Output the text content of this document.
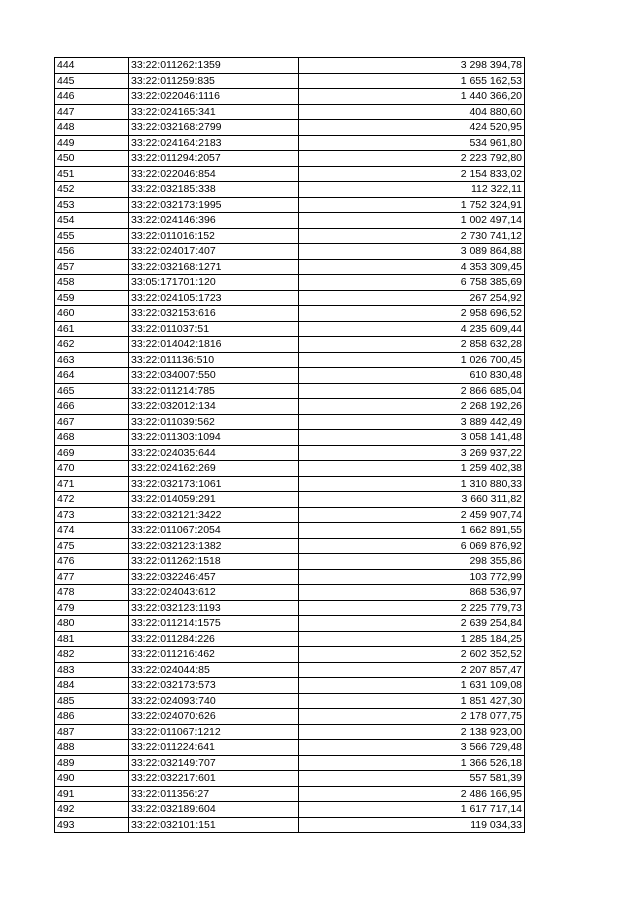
444	33:22:011262:1359	3 298 394,78
445	33:22:011259:835	1 655 162,53
446	33:22:022046:1116	1 440 366,20
447	33:22:024165:341	404 880,60
448	33:22:032168:2799	424 520,95
449	33:22:024164:2183	534 961,80
450	33:22:011294:2057	2 223 792,80
451	33:22:022046:854	2 154 833,02
452	33:22:032185:338	112 322,11
453	33:22:032173:1995	1 752 324,91
454	33:22:024146:396	1 002 497,14
455	33:22:011016:152	2 730 741,12
456	33:22:024017:407	3 089 864,88
457	33:22:032168:1271	4 353 309,45
458	33:05:171701:120	6 758 385,69
459	33:22:024105:1723	267 254,92
460	33:22:032153:616	2 958 696,52
461	33:22:011037:51	4 235 609,44
462	33:22:014042:1816	2 858 632,28
463	33:22:011136:510	1 026 700,45
464	33:22:034007:550	610 830,48
465	33:22:011214:785	2 866 685,04
466	33:22:032012:134	2 268 192,26
467	33:22:011039:562	3 889 442,49
468	33:22:011303:1094	3 058 141,48
469	33:22:024035:644	3 269 937,22
470	33:22:024162:269	1 259 402,38
471	33:22:032173:1061	1 310 880,33
472	33:22:014059:291	3 660 311,82
473	33:22:032121:3422	2 459 907,74
474	33:22:011067:2054	1 662 891,55
475	33:22:032123:1382	6 069 876,92
476	33:22:011262:1518	298 355,86
477	33:22:032246:457	103 772,99
478	33:22:024043:612	868 536,97
479	33:22:032123:1193	2 225 779,73
480	33:22:011214:1575	2 639 254,84
481	33:22:011284:226	1 285 184,25
482	33:22:011216:462	2 602 352,52
483	33:22:024044:85	2 207 857,47
484	33:22:032173:573	1 631 109,08
485	33:22:024093:740	1 851 427,30
486	33:22:024070:626	2 178 077,75
487	33:22:011067:1212	2 138 923,00
488	33:22:011224:641	3 566 729,48
489	33:22:032149:707	1 366 526,18
490	33:22:032217:601	557 581,39
491	33:22:011356:27	2 486 166,95
492	33:22:032189:604	1 617 717,14
493	33:22:032101:151	119 034,33
